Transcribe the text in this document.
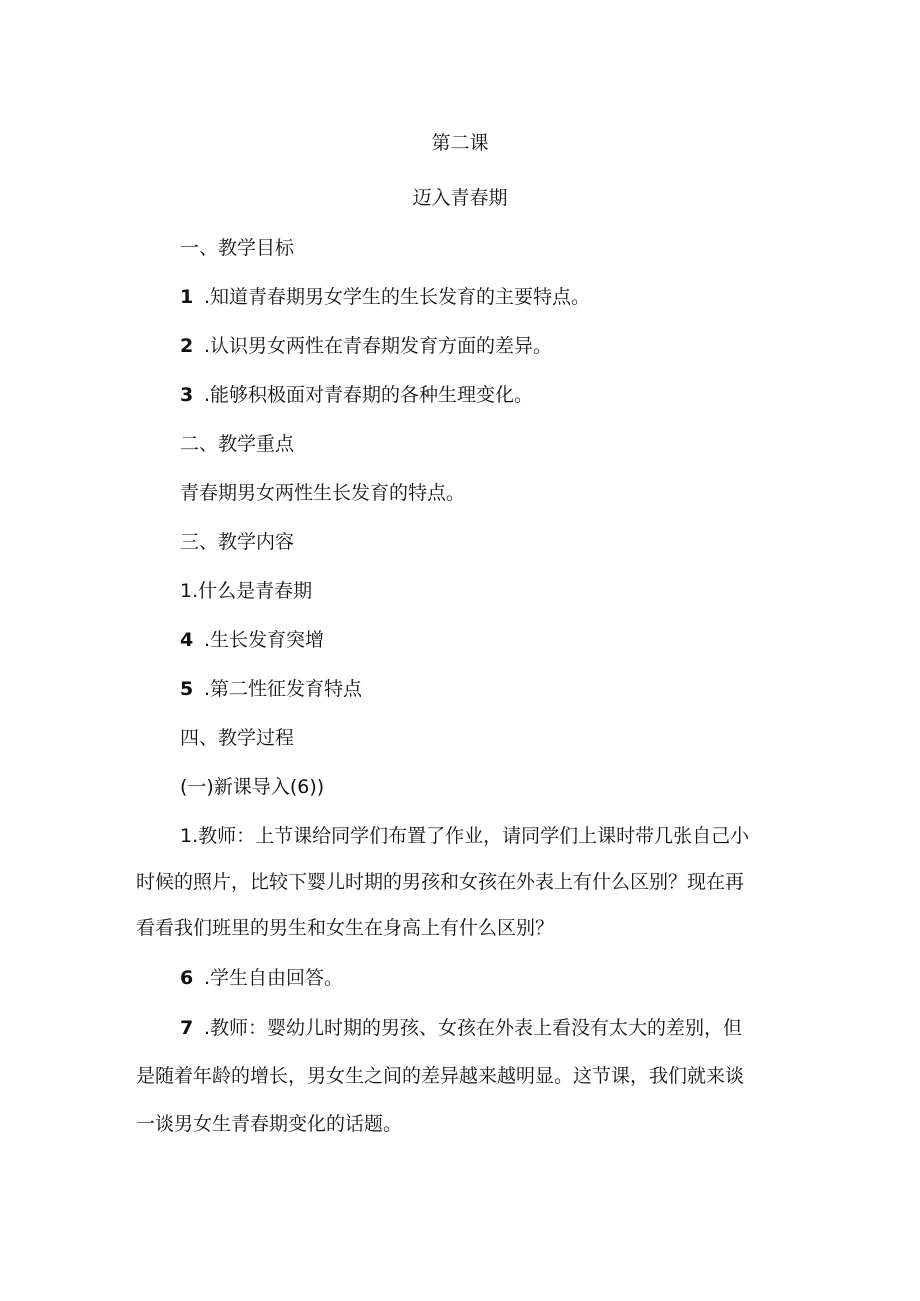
第二课
迈入青春期
一、教学目标
1 .知道青春期男女学生的生长发育的主要特点。
2 .认识男女两性在青春期发育方面的差异。
3 .能够积极面对青春期的各种生理变化。
二、教学重点
青春期男女两性生长发育的特点。
三、教学内容
1.什么是青春期
4 .生长发育突增
5 .第二性征发育特点
四、教学过程
(一)新课导入(6))
1.教师：上节课给同学们布置了作业，请同学们上课时带几张自己小
时候的照片，比较下婴儿时期的男孩和女孩在外表上有什么区别？现在再
看看我们班里的男生和女生在身高上有什么区别？
6 .学生自由回答。
7 .教师：婴幼儿时期的男孩、女孩在外表上看没有太大的差别，但
是随着年龄的增长，男女生之间的差异越来越明显。这节课，我们就来谈
一谈男女生青春期变化的话题。
